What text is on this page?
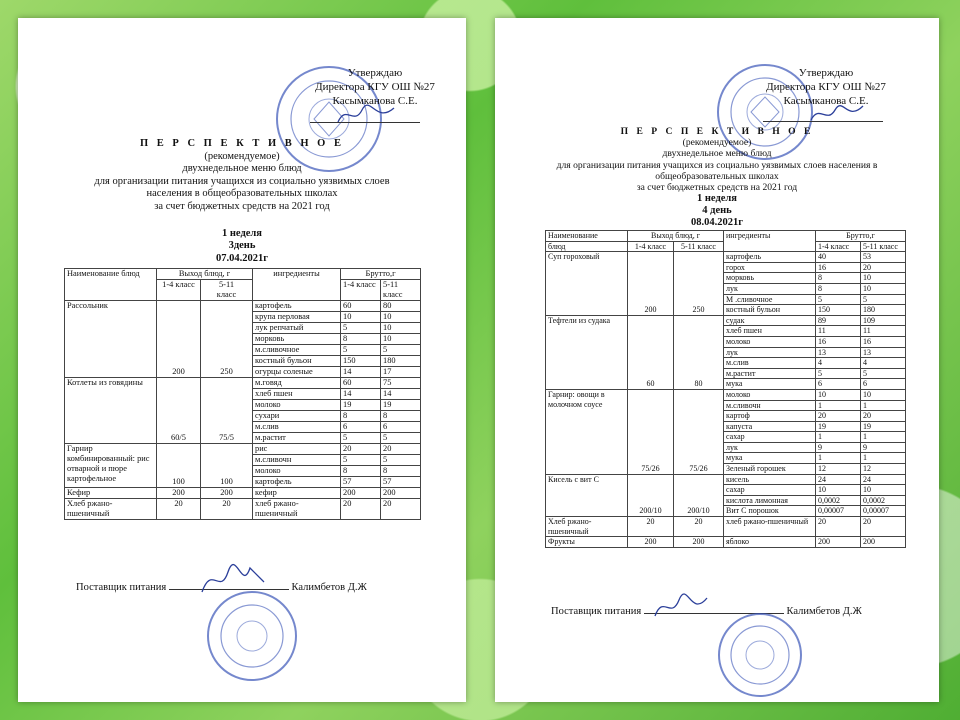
Утверждаю
Директора КГУ ОШ №27
Касымканова С.Е.
П Е Р С П Е К Т И В Н О Е
(рекомендуемое)
двухнедельное меню блюд
для организации питания учащихся из социально уязвимых слоев
населения в общеобразовательных школах
за счет бюджетных средств на 2021 год
1 неделя
3день
07.04.2021г
Наименование блюд	Выход блюд, г		ингредиенты	Брутто,г	
	1-4 класс	5-11
класс		1-4 класс	5-11
класс
Рассольник	200	250	картофель	60	80
			крупа перловая	10	10
			лук репчатый	5	10
			морковь	8	10
			м.сливочное	5	5
			костный бульон	150	180
			огурцы соленые	14	17
Котлеты из говядины	60/5	75/5	м.говяд	60	75
			хлеб пшен	14	14
			молоко	19	19
			сухари	8	8
			м.слив	6	6
			м.растит	5	5
Гарнир комбинированный: рис отварной и пюре картофельное	100	100	рис	20	20
			м.сливочн	5	5
			молоко	8	8
			картофель	57	57
Кефир	200	200	кефир	200	200
Хлеб ржано-пшеничный	20	20	хлеб ржано-пшеничный	20	20
Поставщик питания	Калимбетов Д.Ж
Утверждаю
Директора КГУ ОШ №27
Касымканова С.Е.
П Е Р С П Е К Т И В Н О Е
(рекомендуемое)
двухнедельное меню блюд
для организации питания учащихся из социально уязвимых слоев населения в
общеобразовательных школах
за счет бюджетных средств на 2021 год
1 неделя
4 день
08.04.2021г
Наименование	Выход блюд, г		ингредиенты	Брутто,г	
блюд	1-4 класс	5-11 класс		1-4 класс	5-11 класс
Суп гороховый	200	250	картофель	40	53
			горох	16	20
			морковь	8	10
			лук	8	10
			М .сливочное	5	5
			костный бульон	150	180
Тефтели из судака	60	80	судак	89	109
			хлеб пшен	11	11
			молоко	16	16
			лук	13	13
			м.слив	4	4
			м.растит	5	5
			мука	6	6
Гарнир: овощи в молочном соусе	75/26	75/26	молоко	10	10
			м.сливочн	1	1
			картоф	20	20
			капуста	19	19
			сахар	1	1
			лук	9	9
			мука	1	1
			Зеленый горошек	12	12
Кисель с вит С	200/10	200/10	кисель	24	24
			сахар	10	10
			кислота лимонная	0,0002	0,0002
			Вит С порошок	0,00007	0,00007
Хлеб ржано-пшеничный	20	20	хлеб ржано-пшеничный	20	20
Фрукты	200	200	яблоко	200	200
Поставщик питания	Калимбетов Д.Ж
